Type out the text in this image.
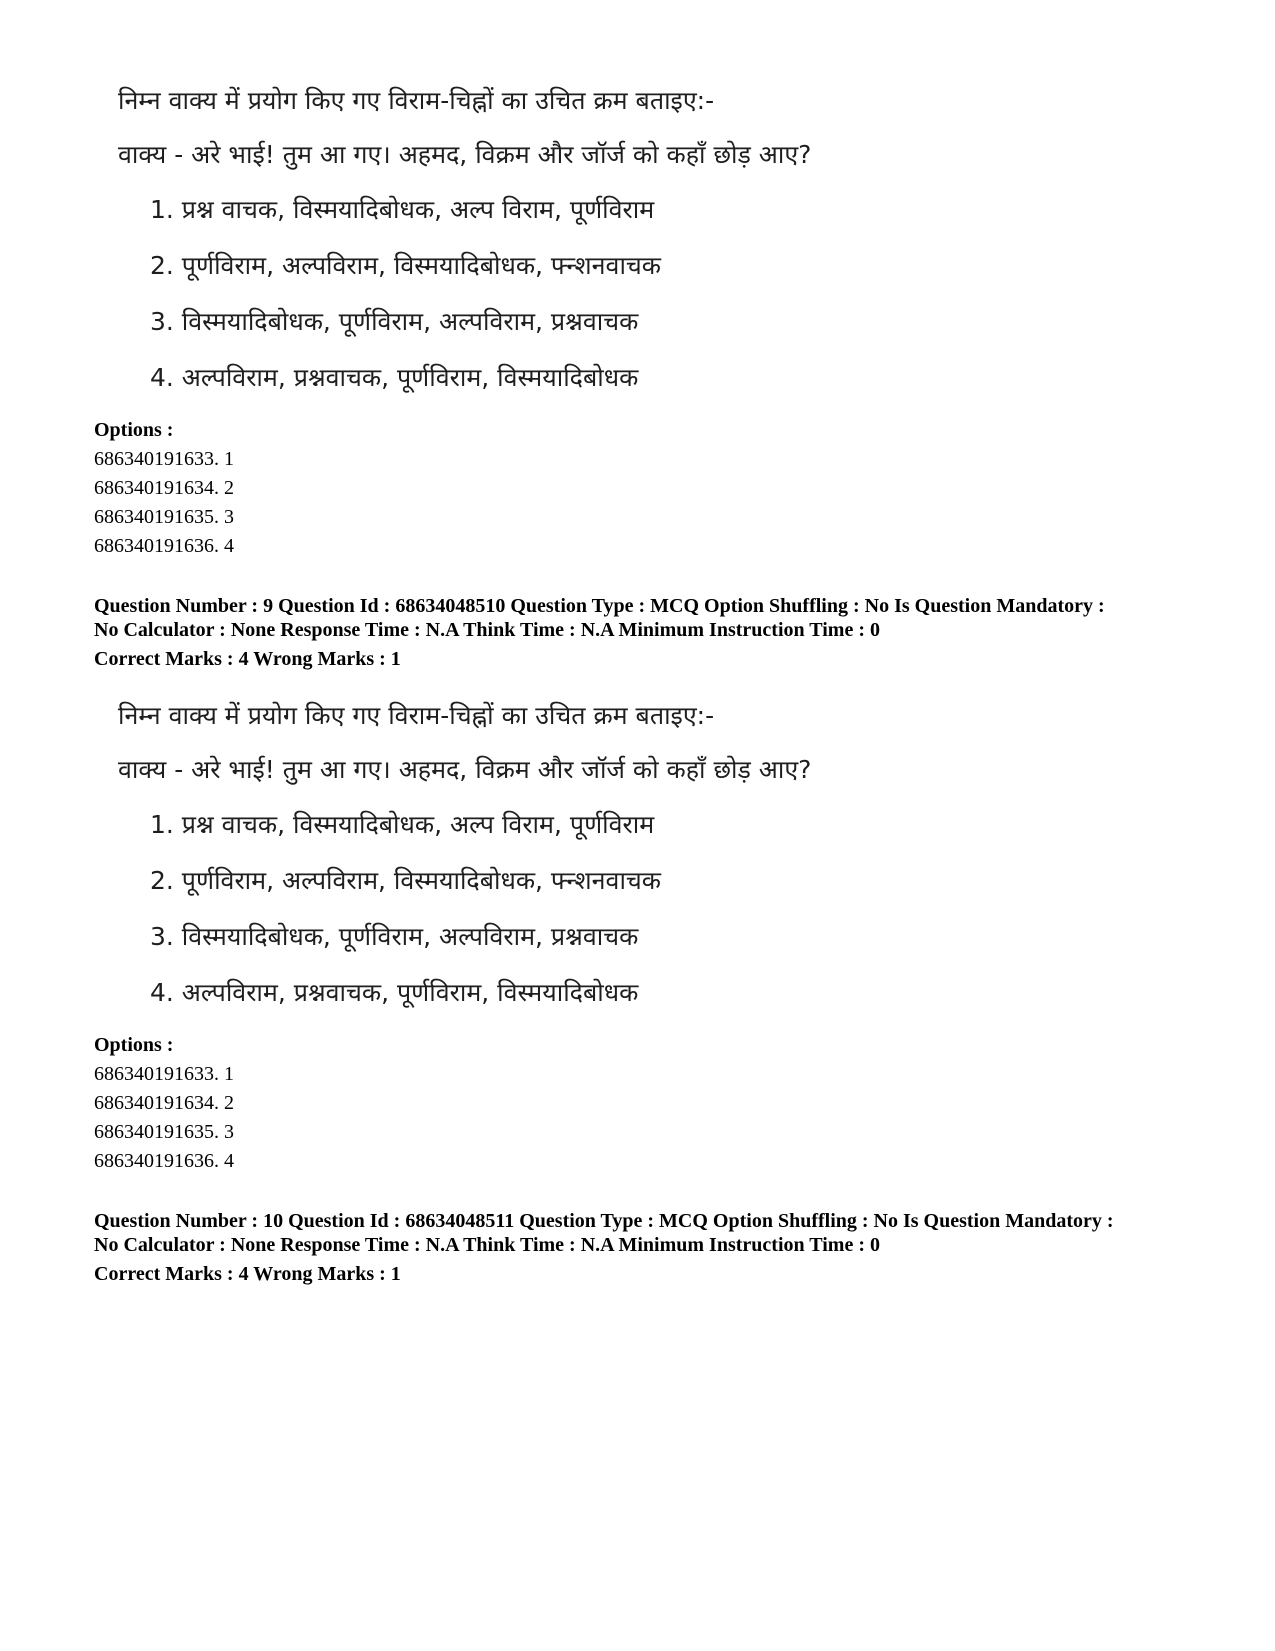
निम्न वाक्य में प्रयोग किए गए विराम-चिह्नों का उचित क्रम बताइए:-
वाक्य - अरे भाई! तुम आ गए। अहमद, विक्रम और जॉर्ज को कहाँ छोड़ आए?
1. प्रश्न वाचक, विस्मयादिबोधक, अल्प विराम, पूर्णविराम
2. पूर्णविराम, अल्पविराम, विस्मयादिबोधक, फ्न्शनवाचक
3. विस्मयादिबोधक, पूर्णविराम, अल्पविराम, प्रश्नवाचक
4. अल्पविराम, प्रश्नवाचक, पूर्णविराम, विस्मयादिबोधक
Options :
686340191633. 1
686340191634. 2
686340191635. 3
686340191636. 4
Question Number : 9 Question Id : 68634048510 Question Type : MCQ Option Shuffling : No Is Question Mandatory :
No Calculator : None Response Time : N.A Think Time : N.A Minimum Instruction Time : 0
Correct Marks : 4 Wrong Marks : 1
निम्न वाक्य में प्रयोग किए गए विराम-चिह्नों का उचित क्रम बताइए:-
वाक्य - अरे भाई! तुम आ गए। अहमद, विक्रम और जॉर्ज को कहाँ छोड़ आए?
1. प्रश्न वाचक, विस्मयादिबोधक, अल्प विराम, पूर्णविराम
2. पूर्णविराम, अल्पविराम, विस्मयादिबोधक, फ्न्शनवाचक
3. विस्मयादिबोधक, पूर्णविराम, अल्पविराम, प्रश्नवाचक
4. अल्पविराम, प्रश्नवाचक, पूर्णविराम, विस्मयादिबोधक
Options :
686340191633. 1
686340191634. 2
686340191635. 3
686340191636. 4
Question Number : 10 Question Id : 68634048511 Question Type : MCQ Option Shuffling : No Is Question Mandatory :
No Calculator : None Response Time : N.A Think Time : N.A Minimum Instruction Time : 0
Correct Marks : 4 Wrong Marks : 1
